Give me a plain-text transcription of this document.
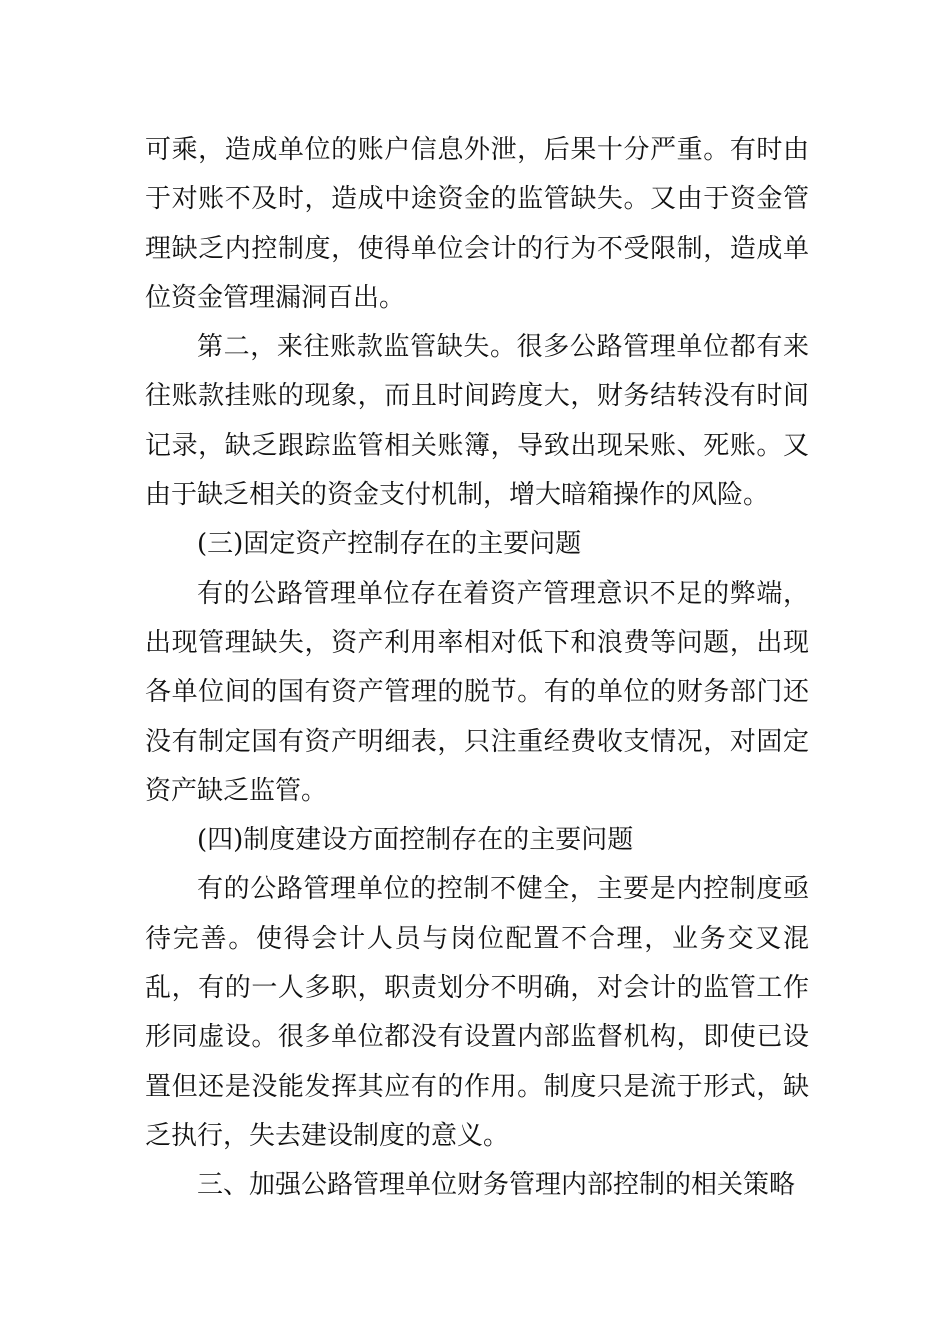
可乘，造成单位的账户信息外泄，后果十分严重。有时由于对账不及时，造成中途资金的监管缺失。又由于资金管理缺乏内控制度，使得单位会计的行为不受限制，造成单位资金管理漏洞百出。

第二，来往账款监管缺失。很多公路管理单位都有来往账款挂账的现象，而且时间跨度大，财务结转没有时间记录，缺乏跟踪监管相关账簿，导致出现呆账、死账。又由于缺乏相关的资金支付机制，增大暗箱操作的风险。

(三)固定资产控制存在的主要问题

有的公路管理单位存在着资产管理意识不足的弊端，出现管理缺失，资产利用率相对低下和浪费等问题，出现各单位间的国有资产管理的脱节。有的单位的财务部门还没有制定国有资产明细表，只注重经费收支情况，对固定资产缺乏监管。

(四)制度建设方面控制存在的主要问题

有的公路管理单位的控制不健全，主要是内控制度亟待完善。使得会计人员与岗位配置不合理，业务交叉混乱，有的一人多职，职责划分不明确，对会计的监管工作形同虚设。很多单位都没有设置内部监督机构，即使已设置但还是没能发挥其应有的作用。制度只是流于形式，缺乏执行，失去建设制度的意义。

三、加强公路管理单位财务管理内部控制的相关策略
